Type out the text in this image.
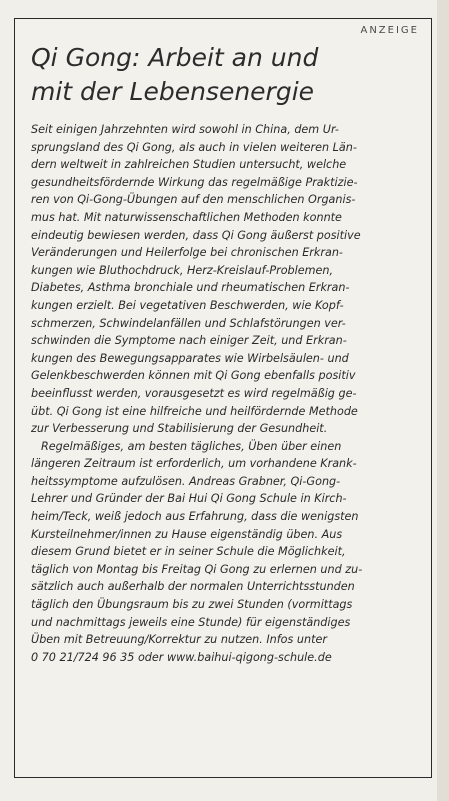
ANZEIGE
Qi Gong: Arbeit an und
mit der Lebensenergie
Seit einigen Jahrzehnten wird sowohl in China, dem Ur-
sprungsland des Qi Gong, als auch in vielen weiteren Län-
dern weltweit in zahlreichen Studien untersucht, welche
gesundheitsfördernde Wirkung das regelmäßige Praktizie-
ren von Qi-Gong-Übungen auf den menschlichen Organis-
mus hat. Mit naturwissenschaftlichen Methoden konnte
eindeutig bewiesen werden, dass Qi Gong äußerst positive
Veränderungen und Heilerfolge bei chronischen Erkran-
kungen wie Bluthochdruck, Herz-Kreislauf-Problemen,
Diabetes, Asthma bronchiale und rheumatischen Erkran-
kungen erzielt. Bei vegetativen Beschwerden, wie Kopf-
schmerzen, Schwindelanfällen und Schlafstörungen ver-
schwinden die Symptome nach einiger Zeit, und Erkran-
kungen des Bewegungsapparates wie Wirbelsäulen- und
Gelenkbeschwerden können mit Qi Gong ebenfalls positiv
beeinflusst werden, vorausgesetzt es wird regelmäßig ge-
übt. Qi Gong ist eine hilfreiche und heilfördernde Methode
zur Verbesserung und Stabilisierung der Gesundheit.
Regelmäßiges, am besten tägliches, Üben über einen
längeren Zeitraum ist erforderlich, um vorhandene Krank-
heitssymptome aufzulösen. Andreas Grabner, Qi-Gong-
Lehrer und Gründer der Bai Hui Qi Gong Schule in Kirch-
heim/Teck, weiß jedoch aus Erfahrung, dass die wenigsten
Kursteilnehmer/innen zu Hause eigenständig üben. Aus
diesem Grund bietet er in seiner Schule die Möglichkeit,
täglich von Montag bis Freitag Qi Gong zu erlernen und zu-
sätzlich auch außerhalb der normalen Unterrichtsstunden
täglich den Übungsraum bis zu zwei Stunden (vormittags
und nachmittags jeweils eine Stunde) für eigenständiges
Üben mit Betreuung/Korrektur zu nutzen. Infos unter
0 70 21/724 96 35 oder www.baihui-qigong-schule.de
